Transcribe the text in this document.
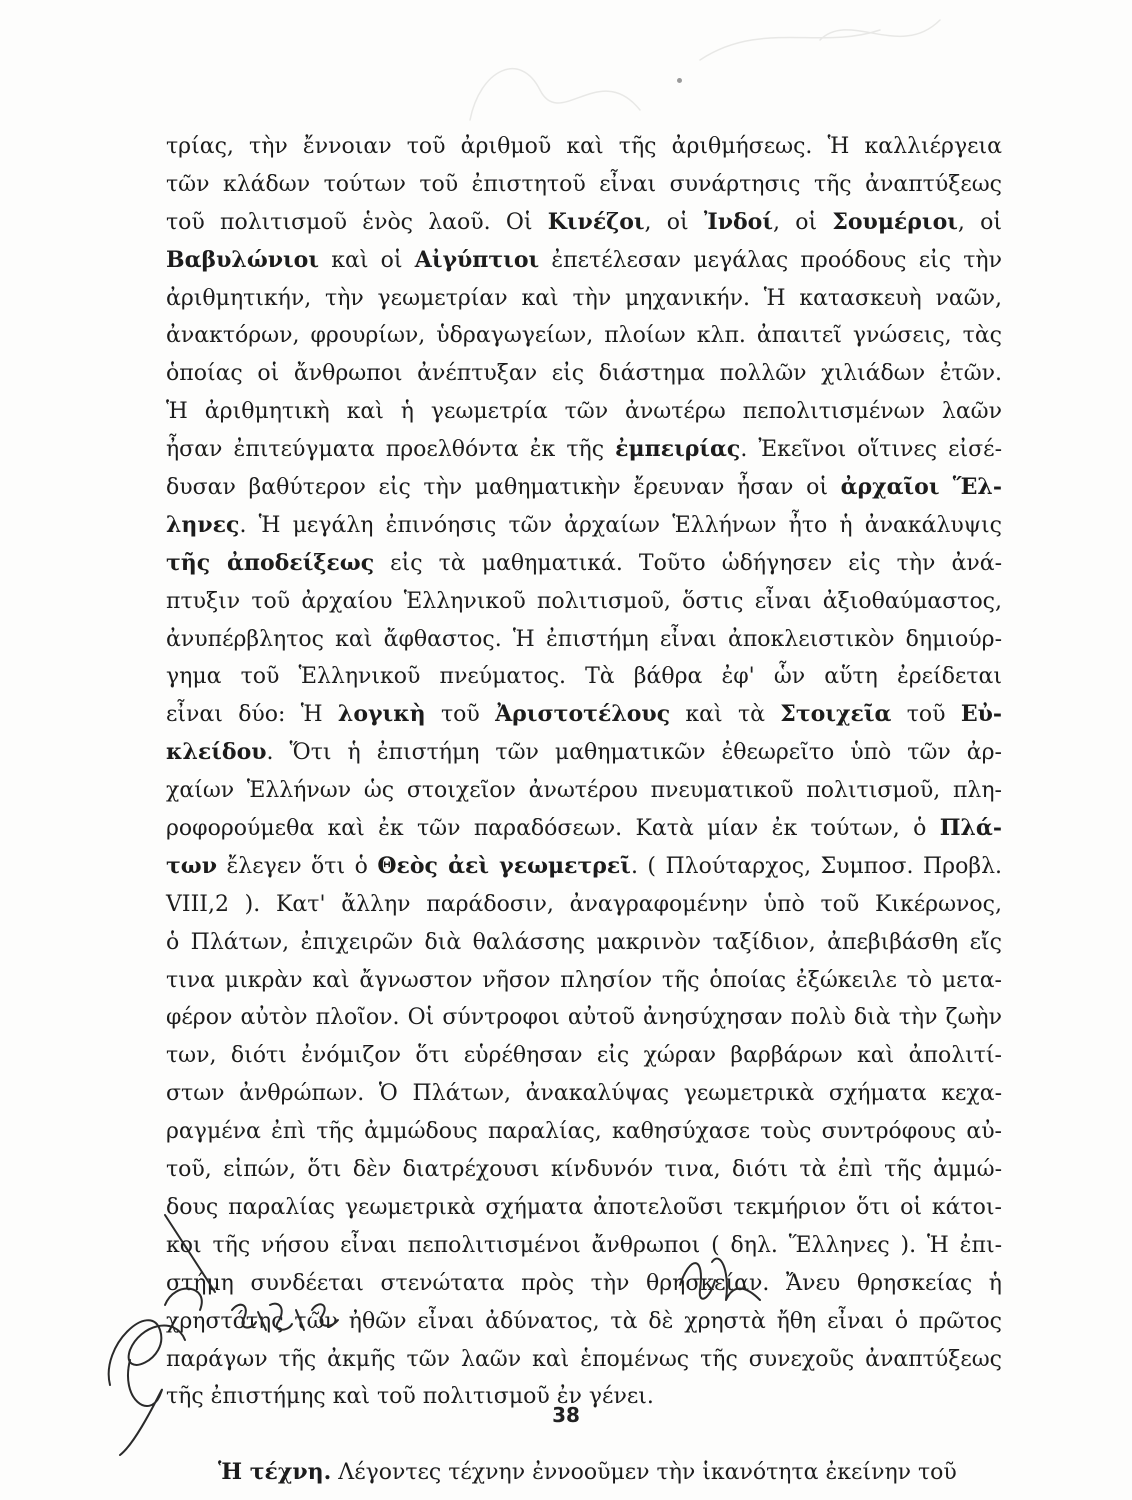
τρίας, τὴν ἔννοιαν τοῦ ἀριθμοῦ καὶ τῆς ἀριθμήσεως. Ἡ καλλιέργεια
τῶν κλάδων τούτων τοῦ ἐπιστητοῦ εἶναι συνάρτησις τῆς ἀναπτύξεως
τοῦ πολιτισμοῦ ἑνὸς λαοῦ. Οἱ Κινέζοι, οἱ Ἰνδοί, οἱ Σουμέριοι, οἱ
Βαβυλώνιοι καὶ οἱ Αἰγύπτιοι ἐπετέλεσαν μεγάλας προόδους εἰς τὴν
ἀριθμητικήν, τὴν γεωμετρίαν καὶ τὴν μηχανικήν. Ἡ κατασκευὴ ναῶν,
ἀνακτόρων, φρουρίων, ὑδραγωγείων, πλοίων κλπ. ἀπαιτεῖ γνώσεις, τὰς
ὁποίας οἱ ἄνθρωποι ἀνέπτυξαν εἰς διάστημα πολλῶν χιλιάδων ἐτῶν.
Ἡ ἀριθμητικὴ καὶ ἡ γεωμετρία τῶν ἀνωτέρω πεπολιτισμένων λαῶν
ἦσαν ἐπιτεύγματα προελθόντα ἐκ τῆς ἐμπειρίας. Ἐκεῖνοι οἵτινες εἰσέ-
δυσαν βαθύτερον εἰς τὴν μαθηματικὴν ἔρευναν ἦσαν οἱ ἀρχαῖοι Ἕλ-
ληνες. Ἡ μεγάλη ἐπινόησις τῶν ἀρχαίων Ἑλλήνων ἦτο ἡ ἀνακάλυψις
τῆς ἀποδείξεως εἰς τὰ μαθηματικά. Τοῦτο ὡδήγησεν εἰς τὴν ἀνά-
πτυξιν τοῦ ἀρχαίου Ἑλληνικοῦ πολιτισμοῦ, ὅστις εἶναι ἀξιοθαύμαστος,
ἀνυπέρβλητος καὶ ἄφθαστος. Ἡ ἐπιστήμη εἶναι ἀποκλειστικὸν δημιούρ-
γημα τοῦ Ἑλληνικοῦ πνεύματος. Τὰ βάθρα ἐφ' ὧν αὕτη ἐρείδεται
εἶναι δύο: Ἡ λογικὴ τοῦ Ἀριστοτέλους καὶ τὰ Στοιχεῖα τοῦ Εὐ-
κλείδου. Ὅτι ἡ ἐπιστήμη τῶν μαθηματικῶν ἐθεωρεῖτο ὑπὸ τῶν ἀρ-
χαίων Ἑλλήνων ὡς στοιχεῖον ἀνωτέρου πνευματικοῦ πολιτισμοῦ, πλη-
ροφορούμεθα καὶ ἐκ τῶν παραδόσεων. Κατὰ μίαν ἐκ τούτων, ὁ Πλά-
των ἔλεγεν ὅτι ὁ Θεὸς ἀεὶ γεωμετρεῖ. ( Πλούταρχος, Συμποσ. Προβλ.
VIII,2 ). Κατ' ἄλλην παράδοσιν, ἀναγραφομένην ὑπὸ τοῦ Κικέρωνος,
ὁ Πλάτων, ἐπιχειρῶν διὰ θαλάσσης μακρινὸν ταξίδιον, ἀπεβιβάσθη εἴς
τινα μικρὰν καὶ ἄγνωστον νῆσον πλησίον τῆς ὁποίας ἐξώκειλε τὸ μετα-
φέρον αὐτὸν πλοῖον. Οἱ σύντροφοι αὐτοῦ ἀνησύχησαν πολὺ διὰ τὴν ζωὴν
των, διότι ἐνόμιζον ὅτι εὑρέθησαν εἰς χώραν βαρβάρων καὶ ἀπολιτί-
στων ἀνθρώπων. Ὁ Πλάτων, ἀνακαλύψας γεωμετρικὰ σχήματα κεχα-
ραγμένα ἐπὶ τῆς ἀμμώδους παραλίας, καθησύχασε τοὺς συντρόφους αὐ-
τοῦ, εἰπών, ὅτι δὲν διατρέχουσι κίνδυνόν τινα, διότι τὰ ἐπὶ τῆς ἀμμώ-
δους παραλίας γεωμετρικὰ σχήματα ἀποτελοῦσι τεκμήριον ὅτι οἱ κάτοι-
κοι τῆς νήσου εἶναι πεπολιτισμένοι ἄνθρωποι ( δηλ. Ἕλληνες ). Ἡ ἐπι-
στήμη συνδέεται στενώτατα πρὸς τὴν θρησκείαν. Ἄνευ θρησκείας ἡ
χρηστότης τῶν ἠθῶν εἶναι ἀδύνατος, τὰ δὲ χρηστὰ ἤθη εἶναι ὁ πρῶτος
παράγων τῆς ἀκμῆς τῶν λαῶν καὶ ἑπομένως τῆς συνεχοῦς ἀναπτύξεως
τῆς ἐπιστήμης καὶ τοῦ πολιτισμοῦ ἐν γένει.
Ἡ τέχνη. Λέγοντες τέχνην ἐννοοῦμεν τὴν ἱκανότητα ἐκείνην τοῦ
38
